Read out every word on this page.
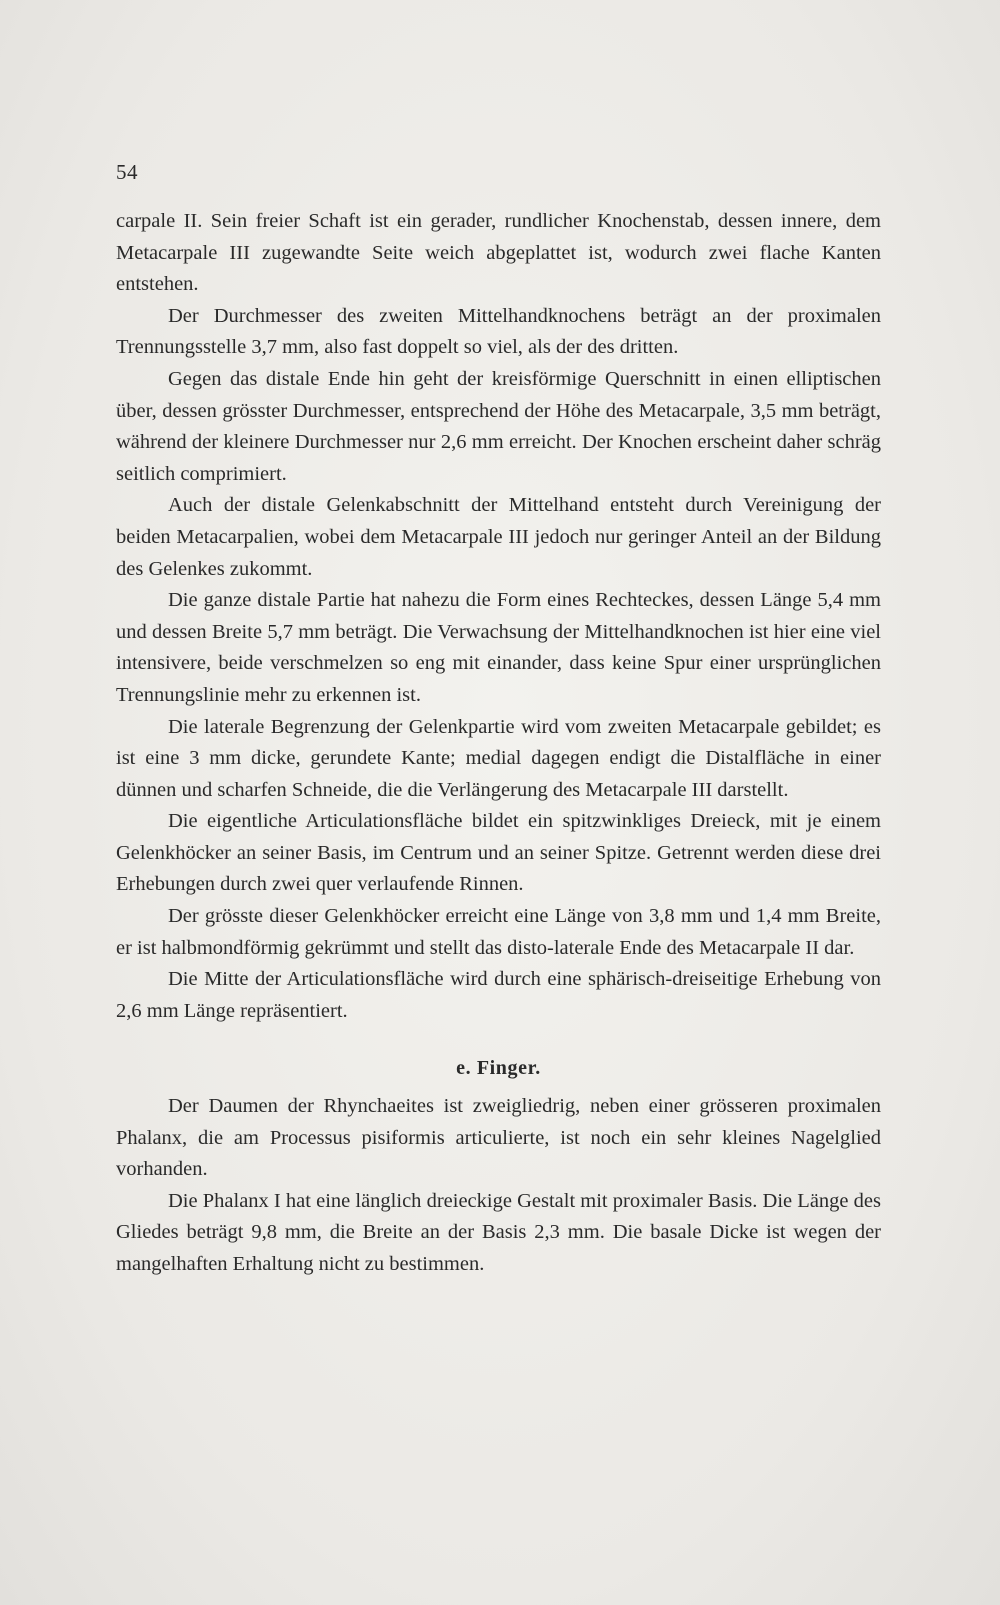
54

carpale II. Sein freier Schaft ist ein gerader, rundlicher Knochenstab, dessen innere, dem Metacarpale III zugewandte Seite weich abgeplattet ist, wodurch zwei flache Kanten entstehen.

Der Durchmesser des zweiten Mittelhandknochens beträgt an der proximalen Trennungsstelle 3,7 mm, also fast doppelt so viel, als der des dritten.

Gegen das distale Ende hin geht der kreisförmige Querschnitt in einen elliptischen über, dessen grösster Durchmesser, entsprechend der Höhe des Metacarpale, 3,5 mm beträgt, während der kleinere Durchmesser nur 2,6 mm erreicht. Der Knochen erscheint daher schräg seitlich comprimiert.

Auch der distale Gelenkabschnitt der Mittelhand entsteht durch Vereinigung der beiden Metacarpalien, wobei dem Metacarpale III jedoch nur geringer Anteil an der Bildung des Gelenkes zukommt.

Die ganze distale Partie hat nahezu die Form eines Rechteckes, dessen Länge 5,4 mm und dessen Breite 5,7 mm beträgt. Die Verwachsung der Mittelhandknochen ist hier eine viel intensivere, beide verschmelzen so eng mit einander, dass keine Spur einer ursprünglichen Trennungslinie mehr zu erkennen ist.

Die laterale Begrenzung der Gelenkpartie wird vom zweiten Metacarpale gebildet; es ist eine 3 mm dicke, gerundete Kante; medial dagegen endigt die Distalfläche in einer dünnen und scharfen Schneide, die die Verlängerung des Metacarpale III darstellt.

Die eigentliche Articulationsfläche bildet ein spitzwinkliges Dreieck, mit je einem Gelenkhöcker an seiner Basis, im Centrum und an seiner Spitze. Getrennt werden diese drei Erhebungen durch zwei quer verlaufende Rinnen.

Der grösste dieser Gelenkhöcker erreicht eine Länge von 3,8 mm und 1,4 mm Breite, er ist halbmondförmig gekrümmt und stellt das disto-laterale Ende des Metacarpale II dar.

Die Mitte der Articulationsfläche wird durch eine sphärisch-dreiseitige Erhebung von 2,6 mm Länge repräsentiert.

e. Finger.

Der Daumen der Rhynchaeites ist zweigliedrig, neben einer grösseren proximalen Phalanx, die am Processus pisiformis articulierte, ist noch ein sehr kleines Nagelglied vorhanden.

Die Phalanx I hat eine länglich dreieckige Gestalt mit proximaler Basis. Die Länge des Gliedes beträgt 9,8 mm, die Breite an der Basis 2,3 mm. Die basale Dicke ist wegen der mangelhaften Erhaltung nicht zu bestimmen.
